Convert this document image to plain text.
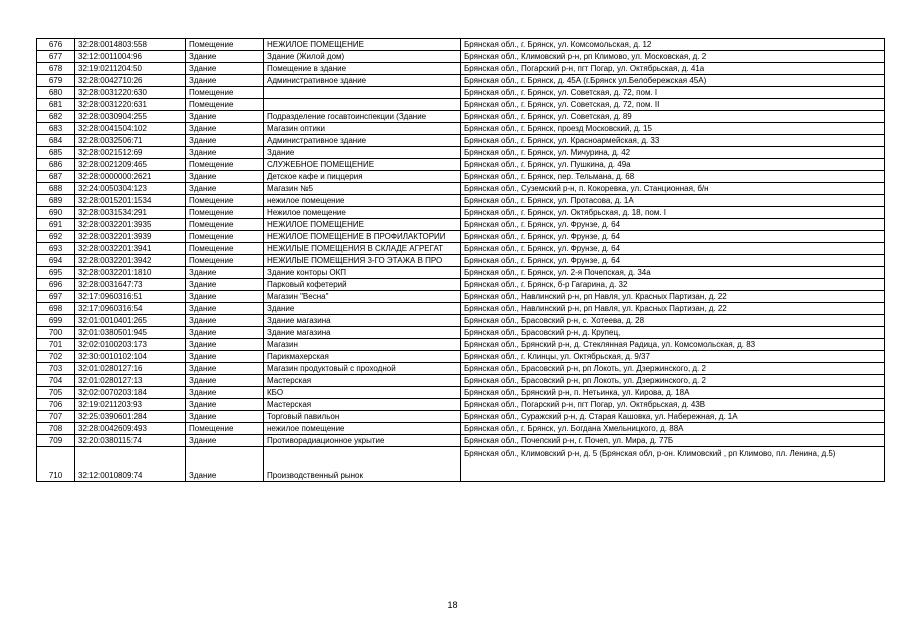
676	32:28:0014803:558	Помещение	НЕЖИЛОЕ ПОМЕЩЕНИЕ	Брянская обл., г. Брянск, ул. Комсомольская, д. 12
677	32:12:0011004:96	Здание	Здание (Жилой дом)	Брянская обл., Климовский р-н, рп Климово, ул. Московская, д. 2
678	32:19:0211204:50	Здание	Помещение в здание	Брянская обл., Погарский р-н, пгт Погар, ул. Октябрьская, д. 41а
679	32:28:0042710:26	Здание	Административное здание	Брянская обл., г. Брянск, д. 45А (г.Брянск ул.Белобережская 45А)
680	32:28:0031220:630	Помещение		Брянская обл., г. Брянск, ул. Советская, д. 72, пом. I
681	32:28:0031220:631	Помещение		Брянская обл., г. Брянск, ул. Советская, д. 72, пом. II
682	32:28:0030904:255	Здание	Подразделение госавтоинспекции (Здание	Брянская обл., г. Брянск, ул. Советская, д. 89
683	32:28:0041504:102	Здание	Магазин оптики	Брянская обл., г. Брянск, проезд Московский, д. 15
684	32:28:0032506:71	Здание	Административное здание	Брянская обл., г. Брянск, ул. Красноармейская, д. 33
685	32:28:0021512:69	Здание	Здание	Брянская обл., г. Брянск, ул. Мичурина, д. 42
686	32:28:0021209:465	Помещение	СЛУЖЕБНОЕ ПОМЕЩЕНИЕ	Брянская обл., г. Брянск, ул. Пушкина, д. 49а
687	32:28:0000000:2621	Здание	Детское кафе и пиццерия	Брянская обл., г. Брянск, пер. Тельмана, д. 68
688	32:24:0050304:123	Здание	Магазин №5	Брянская обл., Суземский р-н, п. Кокоревка, ул. Станционная, б/н
689	32:28:0015201:1534	Помещение	нежилое помещение	Брянская обл., г. Брянск, ул. Протасова, д. 1А
690	32:28:0031534:291	Помещение	Нежилое помещение	Брянская обл., г. Брянск, ул. Октябрьская, д. 18, пом. I
691	32:28:0032201:3935	Помещение	НЕЖИЛОЕ ПОМЕЩЕНИЕ	Брянская обл., г. Брянск, ул. Фрунзе, д. 64
692	32:28:0032201:3939	Помещение	НЕЖИЛОЕ ПОМЕЩЕНИЕ В ПРОФИЛАКТОРИИ	Брянская обл., г. Брянск, ул. Фрунзе, д. 64
693	32:28:0032201:3941	Помещение	НЕЖИЛЫЕ ПОМЕЩЕНИЯ В СКЛАДЕ АГРЕГАТ	Брянская обл., г. Брянск, ул. Фрунзе, д. 64
694	32:28:0032201:3942	Помещение	НЕЖИЛЫЕ ПОМЕЩЕНИЯ 3-ГО ЭТАЖА В ПРО	Брянская обл., г. Брянск, ул. Фрунзе, д. 64
695	32:28:0032201:1810	Здание	Здание конторы ОКП	Брянская обл., г. Брянск, ул. 2-я Почепская, д. 34а
696	32:28:0031647:73	Здание	Парковый кофетерий	Брянская обл., г. Брянск, б-р Гагарина, д. 32
697	32:17:0960316:51	Здание	Магазин "Весна"	Брянская обл., Навлинский р-н, рп Навля, ул. Красных Партизан, д. 22
698	32:17:0960316:54	Здание	Здание	Брянская обл., Навлинский р-н, рп Навля, ул. Красных Партизан, д. 22
699	32:01:0010401:265	Здание	Здание магазина	Брянская обл., Брасовский р-н, с. Хотеева, д. 28
700	32:01:0380501:945	Здание	Здание магазина	Брянская обл., Брасовский р-н, д. Крупец,
701	32:02:0100203:173	Здание	Магазин	Брянская обл., Брянский р-н, д. Стеклянная Радица, ул. Комсомольская, д. 83
702	32:30:0010102:104	Здание	Парикмахерская	Брянская обл., г. Клинцы, ул. Октябрьская, д. 9/37
703	32:01:0280127:16	Здание	Магазин продуктовый с проходной	Брянская обл., Брасовский р-н, рп Локоть, ул. Дзержинского, д. 2
704	32:01:0280127:13	Здание	Мастерская	Брянская обл., Брасовский р-н, рп Локоть, ул. Дзержинского, д. 2
705	32:02:0070203:184	Здание	КБО	Брянская обл., Брянский р-н, п. Нетьинка, ул. Кирова, д. 18А
706	32:19:0211203:93	Здание	Мастерская	Брянская обл., Погарский р-н, пгт Погар, ул. Октябрьская, д. 43В
707	32:25:0390601:284	Здание	Торговый павильон	Брянская обл., Суражский р-н, д. Старая Кашовка, ул. Набережная, д. 1А
708	32:28:0042609:493	Помещение	нежилое помещение	Брянская обл., г. Брянск, ул. Богдана Хмельницкого, д. 88А
709	32:20:0380115:74	Здание	Противорадиационное укрытие	Брянская обл., Почепский р-н, г. Почеп, ул. Мира, д. 77Б
710	32:12:0010809:74	Здание	Производственный рынок	Брянская обл., Климовский р-н, д. 5 (Брянская обл, р-он. Климовский , рп Климово, пл. Ленина, д.5)
18
